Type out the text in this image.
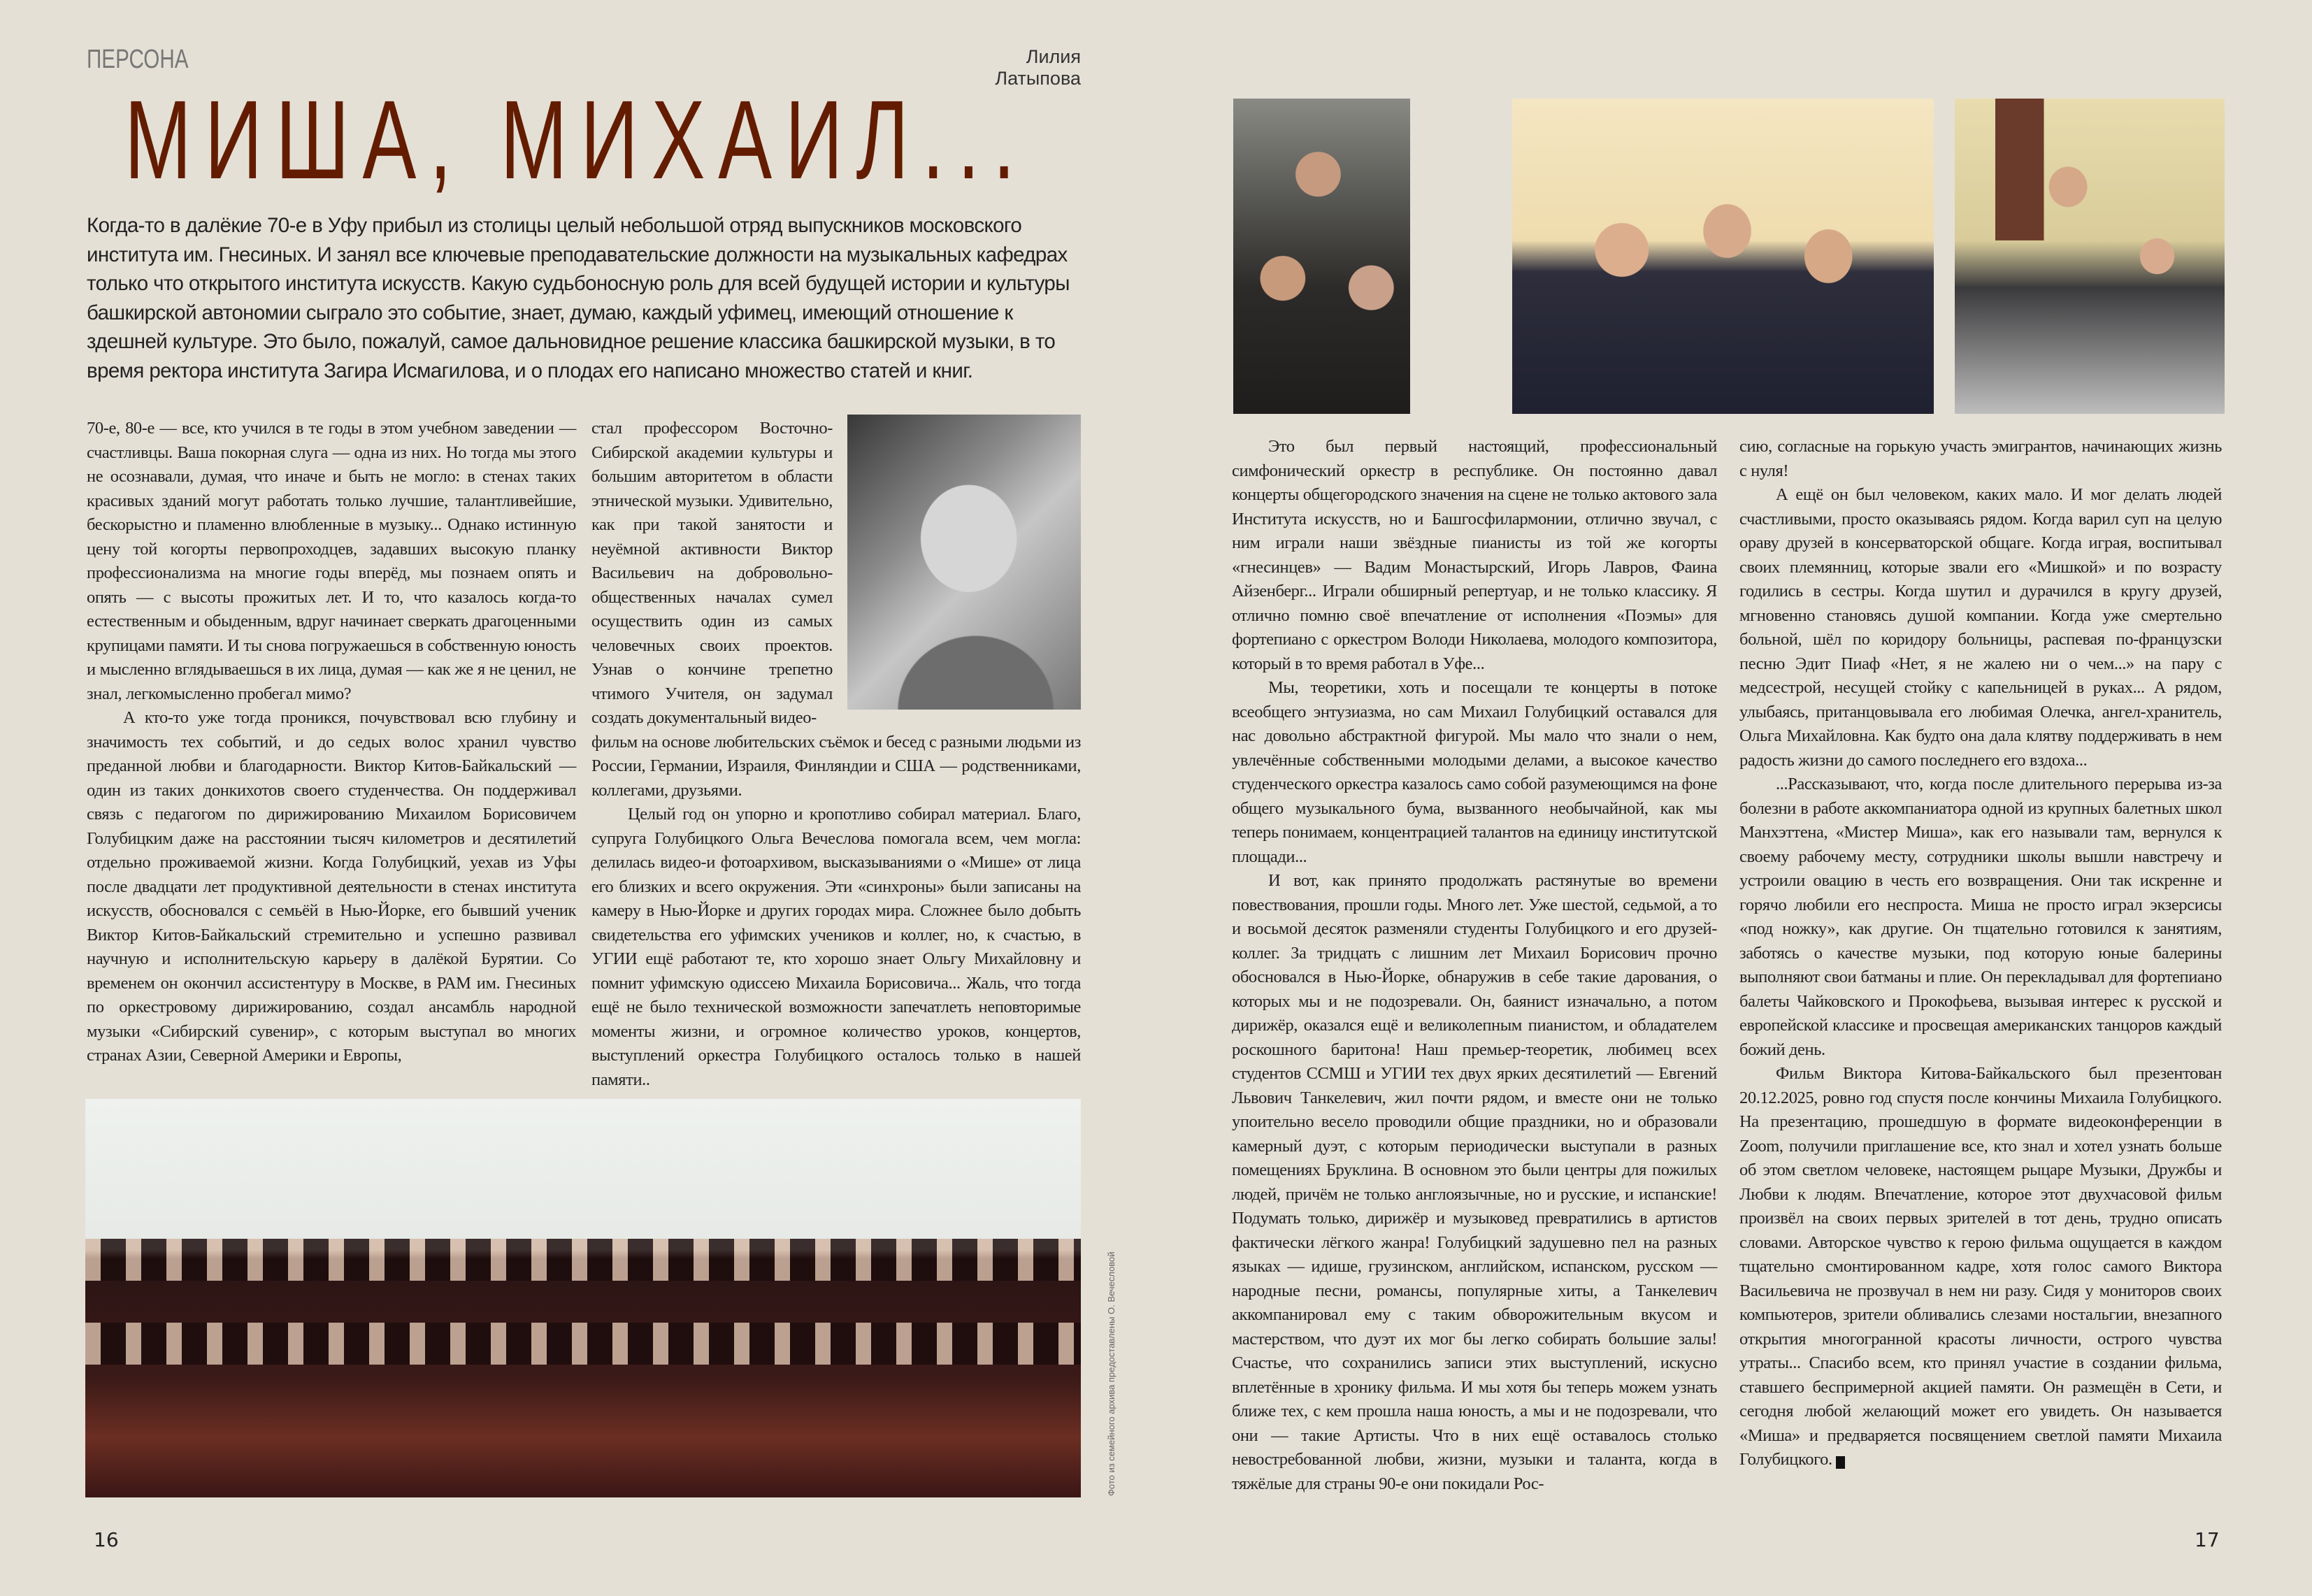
ПЕРСОНА	Лилия Латыпова
МИША, МИХАИЛ...
Когда-то в далёкие 70-е в Уфу прибыл из столицы целый небольшой отряд выпускников московского института им. Гнесиных. И занял все ключевые преподавательские должности на музыкальных кафедрах только что открытого института искусств. Какую судьбоносную роль для всей будущей истории и культуры башкирской автономии сыграло это событие, знает, думаю, каждый уфимец, имеющий отношение к здешней культуре. Это было, пожалуй, самое дальновидное решение классика башкирской музыки, в то время ректора института Загира Исмагилова, и о плодах его написано множество статей и книг.

70-е, 80-е — все, кто учился в те годы в этом учебном заведении — счастливцы. Ваша покорная слуга — одна из них. Но тогда мы этого не осознавали, думая, что иначе и быть не могло: в стенах таких красивых зданий могут работать только лучшие, талантливейшие, бескорыстно и пламенно влюбленные в музыку... Однако истинную цену той когорты первопроходцев, задавших высокую планку профессионализма на многие годы вперёд, мы познаем опять и опять — с высоты прожитых лет. И то, что казалось когда-то естественным и обыденным, вдруг начинает сверкать драгоценными крупицами памяти. И ты снова погружаешься в собственную юность и мысленно вглядываешься в их лица, думая — как же я не ценил, не знал, легкомысленно пробегал мимо?

А кто-то уже тогда проникся, почувствовал всю глубину и значимость тех событий, и до седых волос хранил чувство преданной любви и благодарности. Виктор Китов-Байкальский — один из таких донкихотов своего студенчества. Он поддерживал связь с педагогом по дирижированию Михаилом Борисовичем Голубицким даже на расстоянии тысяч километров и десятилетий отдельно проживаемой жизни. Когда Голубицкий, уехав из Уфы после двадцати лет продуктивной деятельности в стенах института искусств, обосновался с семьёй в Нью-Йорке, его бывший ученик Виктор Китов-Байкальский стремительно и успешно развивал научную и исполнительскую карьеру в далёкой Бурятии. Со временем он окончил ассистентуру в Москве, в РАМ им. Гнесиных по оркестровому дирижированию, создал ансамбль народной музыки «Сибирский сувенир», с которым выступал во многих странах Азии, Северной Америки и Европы,

стал профессором Восточно-Сибирской академии культуры и большим авторитетом в области этнической музыки. Удивительно, как при такой занятости и неуёмной активности Виктор Васильевич на добровольно-общественных началах сумел осуществить один из самых человечных своих проектов. Узнав о кончине трепетно чтимого Учителя, он задумал создать документальный видео-

фильм на основе любительских съёмок и бесед с разными людьми из России, Германии, Израиля, Финляндии и США — родственниками, коллегами, друзьями.

Целый год он упорно и кропотливо собирал материал. Благо, супруга Голубицкого Ольга Вечеслова помогала всем, чем могла: делилась видео-и фотоархивом, высказываниями о «Мише» от лица его близких и всего окружения. Эти «синхроны» были записаны на камеру в Нью-Йорке и других городах мира. Сложнее было добыть свидетельства его уфимских учеников и коллег, но, к счастью, в УГИИ ещё работают те, кто хорошо знает Ольгу Михайловну и помнит уфимскую одиссею Михаила Борисовича... Жаль, что тогда ещё не было технической возможности запечатлеть неповторимые моменты жизни, и огромное количество уроков, концертов, выступлений оркестра Голубицкого осталось только в нашей памяти..

Фото из семейного архива предоставлены О. Вечесловой
16

Это был первый настоящий, профессиональный симфонический оркестр в республике. Он постоянно давал концерты общегородского значения на сцене не только актового зала Института искусств, но и Башгосфилармонии, отлично звучал, с ним играли наши звёздные пианисты из той же когорты «гнесинцев» — Вадим Монастырский, Игорь Лавров, Фаина Айзенберг... Играли обширный репертуар, и не только классику. Я отлично помню своё впечатление от исполнения «Поэмы» для фортепиано с оркестром Володи Николаева, молодого композитора, который в то время работал в Уфе...

Мы, теоретики, хоть и посещали те концерты в потоке всеобщего энтузиазма, но сам Михаил Голубицкий оставался для нас довольно абстрактной фигурой. Мы мало что знали о нем, увлечённые собственными молодыми делами, а высокое качество студенческого оркестра казалось само собой разумеющимся на фоне общего музыкального бума, вызванного необычайной, как мы теперь понимаем, концентрацией талантов на единицу институтской площади...

И вот, как принято продолжать растянутые во времени повествования, прошли годы. Много лет. Уже шестой, седьмой, а то и восьмой десяток разменяли студенты Голубицкого и его друзей-коллег. За тридцать с лишним лет Михаил Борисович прочно обосновался в Нью-Йорке, обнаружив в себе такие дарования, о которых мы и не подозревали. Он, баянист изначально, а потом дирижёр, оказался ещё и великолепным пианистом, и обладателем роскошного баритона! Наш премьер-теоретик, любимец всех студентов ССМШ и УГИИ тех двух ярких десятилетий — Евгений Львович Танкелевич, жил почти рядом, и вместе они не только упоительно весело проводили общие праздники, но и образовали камерный дуэт, с которым периодически выступали в разных помещениях Бруклина. В основном это были центры для пожилых людей, причём не только англоязычные, но и русские, и испанские! Подумать только, дирижёр и музыковед превратились в артистов фактически лёгкого жанра! Голубицкий задушевно пел на разных языках — идише, грузинском, английском, испанском, русском — народные песни, романсы, популярные хиты, а Танкелевич аккомпанировал ему с таким обворожительным вкусом и мастерством, что дуэт их мог бы легко собирать большие залы! Счастье, что сохранились записи этих выступлений, искусно вплетённые в хронику фильма. И мы хотя бы теперь можем узнать ближе тех, с кем прошла наша юность, а мы и не подозревали, что они — такие Артисты. Что в них ещё оставалось столько невостребованной любви, жизни, музыки и таланта, когда в тяжёлые для страны 90-е они покидали Рос-

сию, согласные на горькую участь эмигрантов, начинающих жизнь с нуля!

А ещё он был человеком, каких мало. И мог делать людей счастливыми, просто оказываясь рядом. Когда варил суп на целую ораву друзей в консерваторской общаге. Когда играя, воспитывал своих племянниц, которые звали его «Мишкой» и по возрасту годились в сестры. Когда шутил и дурачился в кругу друзей, мгновенно становясь душой компании. Когда уже смертельно больной, шёл по коридору больницы, распевая по-французски песню Эдит Пиаф «Нет, я не жалею ни о чем...» на пару с медсестрой, несущей стойку с капельницей в руках... А рядом, улыбаясь, пританцовывала его любимая Олечка, ангел-хранитель, Ольга Михайловна. Как будто она дала клятву поддерживать в нем радость жизни до самого последнего его вздоха...

...Рассказывают, что, когда после длительного перерыва из-за болезни в работе аккомпаниатора одной из крупных балетных школ Манхэттена, «Мистер Миша», как его называли там, вернулся к своему рабочему месту, сотрудники школы вышли навстречу и устроили овацию в честь его возвращения. Они так искренне и горячо любили его неспроста. Миша не просто играл экзерсисы «под ножку», как другие. Он тщательно готовился к занятиям, заботясь о качестве музыки, под которую юные балерины выполняют свои батманы и плие. Он перекладывал для фортепиано балеты Чайковского и Прокофьева, вызывая интерес к русской и европейской классике и просвещая американских танцоров каждый божий день.

Фильм Виктора Китова-Байкальского был презентован 20.12.2025, ровно год спустя после кончины Михаила Голубицкого. На презентацию, прошедшую в формате видеоконференции в Zoom, получили приглашение все, кто знал и хотел узнать больше об этом светлом человеке, настоящем рыцаре Музыки, Дружбы и Любви к людям. Впечатление, которое этот двухчасовой фильм произвёл на своих первых зрителей в тот день, трудно описать словами. Авторское чувство к герою фильма ощущается в каждом тщательно смонтированном кадре, хотя голос самого Виктора Васильевича не прозвучал в нем ни разу. Сидя у мониторов своих компьютеров, зрители обливались слезами ностальгии, внезапного открытия многогранной красоты личности, острого чувства утраты... Спасибо всем, кто принял участие в создании фильма, ставшего беспримерной акцией памяти. Он размещён в Сети, и сегодня любой желающий может его увидеть. Он называется «Миша» и предваряется посвящением светлой памяти Михаила Голубицкого.	Р

17
